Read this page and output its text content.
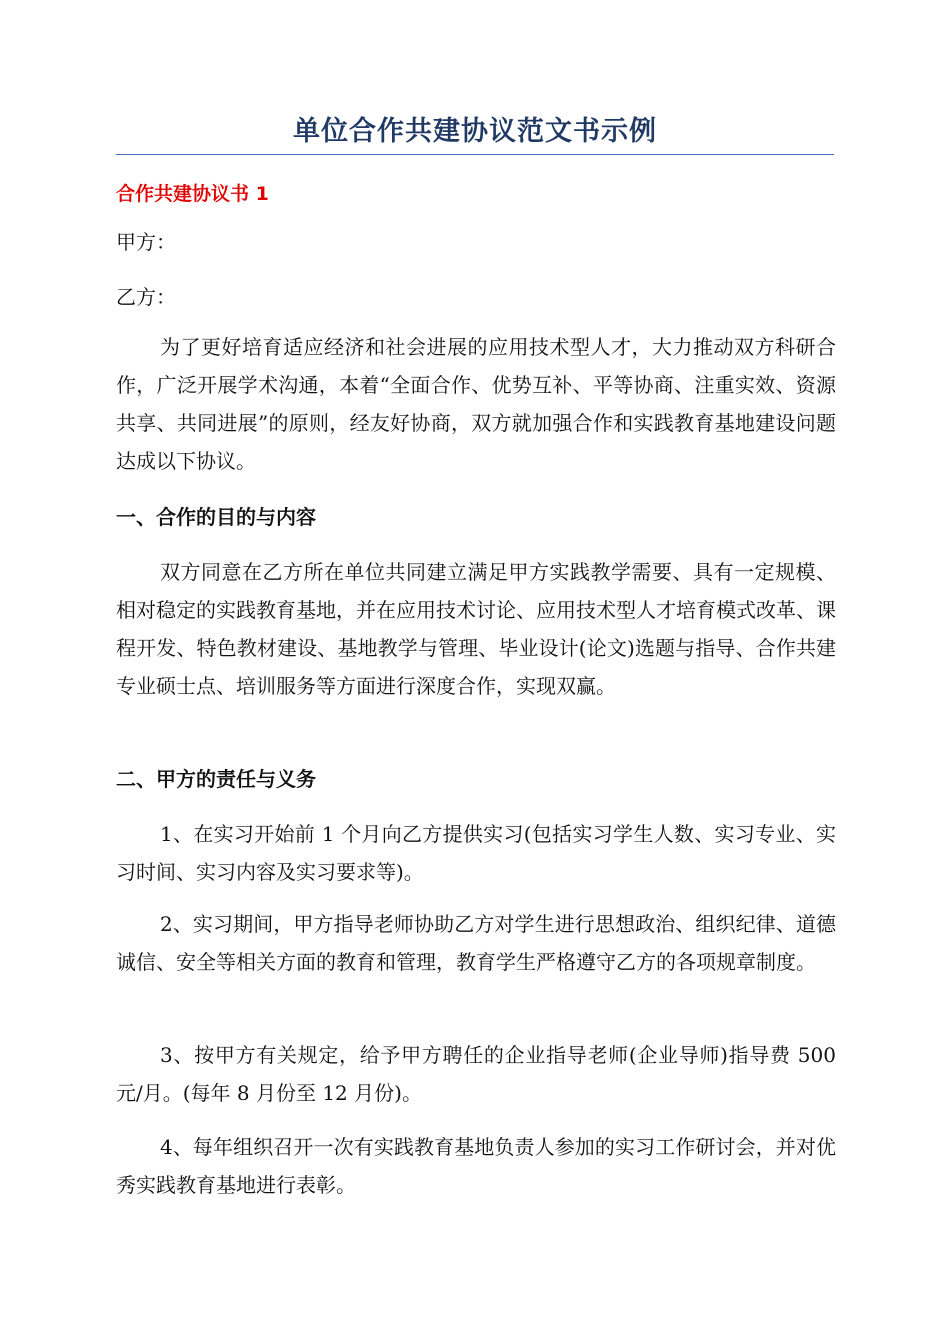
单位合作共建协议范文书示例
合作共建协议书 1

甲方：

乙方：

为了更好培育适应经济和社会进展的应用技术型人才，大力推动双方科研合作，广泛开展学术沟通，本着“全面合作、优势互补、平等协商、注重实效、资源共享、共同进展”的原则，经友好协商，双方就加强合作和实践教育基地建设问题达成以下协议。

一、合作的目的与内容

双方同意在乙方所在单位共同建立满足甲方实践教学需要、具有一定规模、相对稳定的实践教育基地，并在应用技术讨论、应用技术型人才培育模式改革、课程开发、特色教材建设、基地教学与管理、毕业设计(论文)选题与指导、合作共建专业硕士点、培训服务等方面进行深度合作，实现双赢。

二、甲方的责任与义务

1、在实习开始前 1 个月向乙方提供实习(包括实习学生人数、实习专业、实习时间、实习内容及实习要求等)。

2、实习期间，甲方指导老师协助乙方对学生进行思想政治、组织纪律、道德诚信、安全等相关方面的教育和管理，教育学生严格遵守乙方的各项规章制度。

3、按甲方有关规定，给予甲方聘任的企业指导老师(企业导师)指导费 500 元/月。(每年 8 月份至 12 月份)。

4、每年组织召开一次有实践教育基地负责人参加的实习工作研讨会，并对优秀实践教育基地进行表彰。
